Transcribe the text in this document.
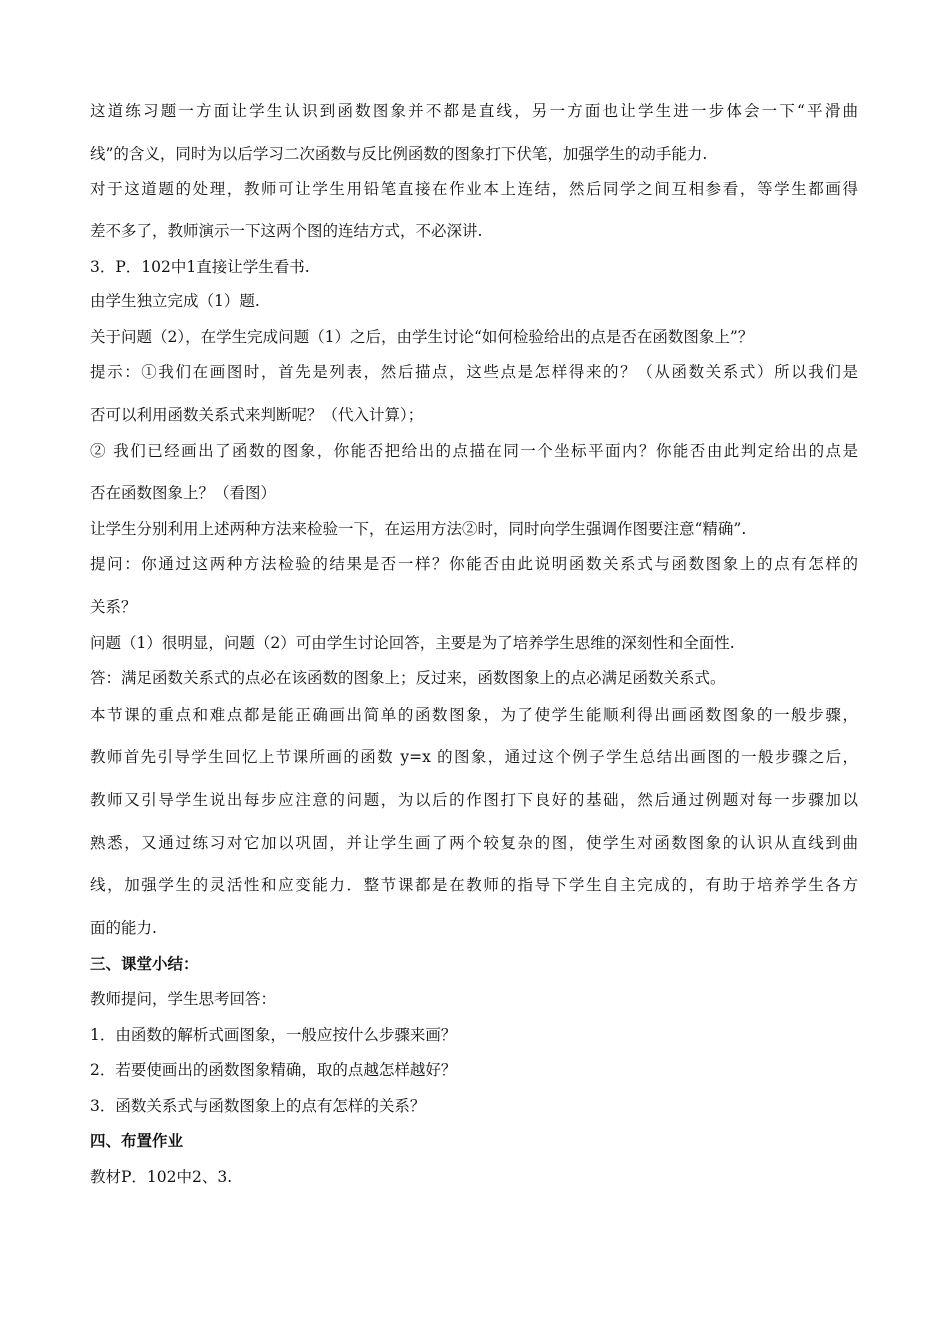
这道练习题一方面让学生认识到函数图象并不都是直线，另一方面也让学生进一步体会一下“平滑曲
线”的含义，同时为以后学习二次函数与反比例函数的图象打下伏笔，加强学生的动手能力.
对于这道题的处理，教师可让学生用铅笔直接在作业本上连结，然后同学之间互相参看，等学生都画得
差不多了，教师演示一下这两个图的连结方式，不必深讲.
3．P．102中1直接让学生看书.
由学生独立完成（1）题.
关于问题（2），在学生完成问题（1）之后，由学生讨论“如何检验给出的点是否在函数图象上”？
提示：①我们在画图时，首先是列表，然后描点，这些点是怎样得来的？（从函数关系式）所以我们是
否可以利用函数关系式来判断呢？（代入计算）；
② 我们已经画出了函数的图象，你能否把给出的点描在同一个坐标平面内？你能否由此判定给出的点是
否在函数图象上？（看图）
让学生分别利用上述两种方法来检验一下，在运用方法②时，同时向学生强调作图要注意“精确”.
提问：你通过这两种方法检验的结果是否一样？你能否由此说明函数关系式与函数图象上的点有怎样的
关系？
问题（1）很明显，问题（2）可由学生讨论回答，主要是为了培养学生思维的深刻性和全面性.
答：满足函数关系式的点必在该函数的图象上；反过来，函数图象上的点必满足函数关系式。
本节课的重点和难点都是能正确画出简单的函数图象，为了使学生能顺利得出画函数图象的一般步骤，
教师首先引导学生回忆上节课所画的函数 y=x 的图象，通过这个例子学生总结出画图的一般步骤之后，
教师又引导学生说出每步应注意的问题，为以后的作图打下良好的基础，然后通过例题对每一步骤加以
熟悉，又通过练习对它加以巩固，并让学生画了两个较复杂的图，使学生对函数图象的认识从直线到曲
线，加强学生的灵活性和应变能力．整节课都是在教师的指导下学生自主完成的，有助于培养学生各方
面的能力.
三、课堂小结：
教师提问，学生思考回答：
1．由函数的解析式画图象，一般应按什么步骤来画？
2．若要使画出的函数图象精确，取的点越怎样越好？
3．函数关系式与函数图象上的点有怎样的关系？
四、布置作业
教材P．102中2、3.
